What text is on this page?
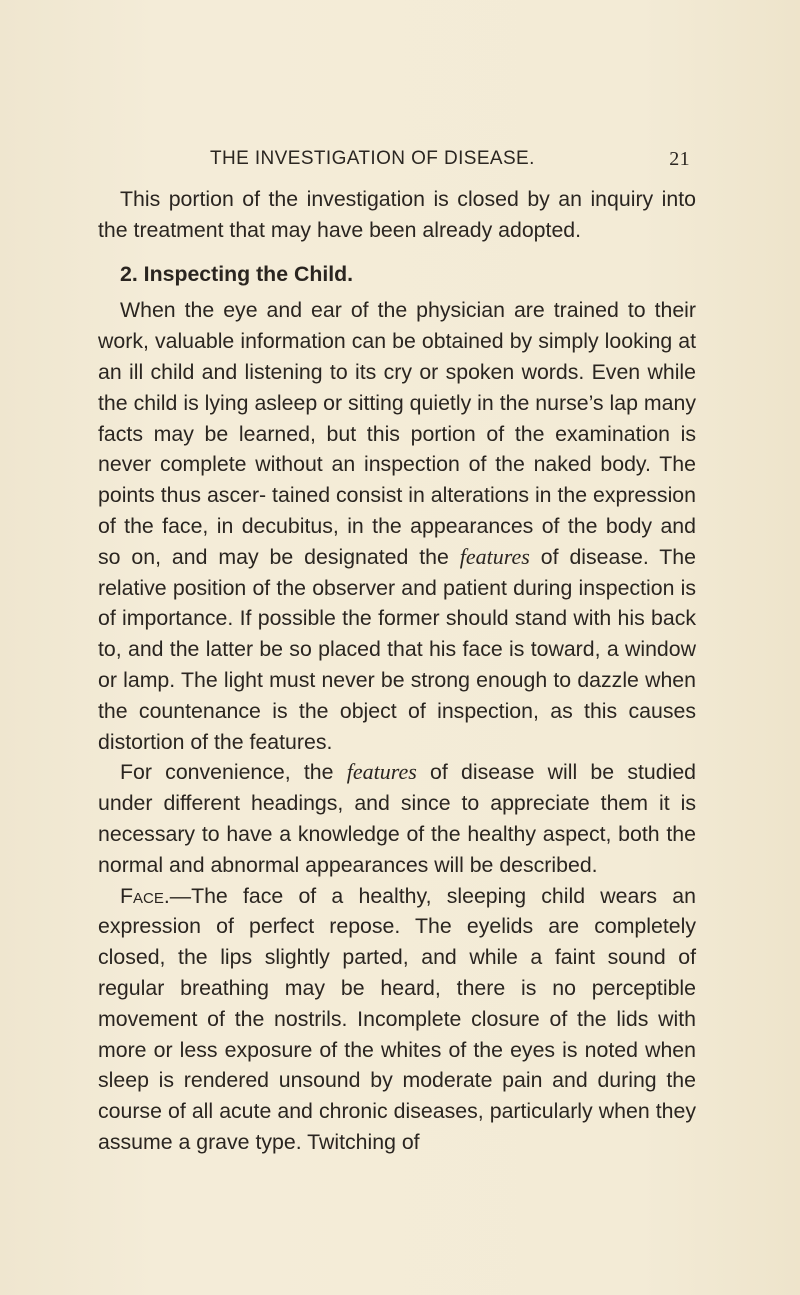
THE INVESTIGATION OF DISEASE.	21

This portion of the investigation is closed by an inquiry into the treatment that may have been already adopted.

2. Inspecting the Child.

When the eye and ear of the physician are trained to their work, valuable information can be obtained by simply looking at an ill child and listening to its cry or spoken words. Even while the child is lying asleep or sitting quietly in the nurse’s lap many facts may be learned, but this portion of the examination is never complete without an inspection of the naked body. The points thus ascer- tained consist in alterations in the expression of the face, in decubitus, in the appearances of the body and so on, and may be designated the features of disease. The relative position of the observer and patient during inspection is of importance. If possible the former should stand with his back to, and the latter be so placed that his face is toward, a window or lamp. The light must never be strong enough to dazzle when the countenance is the object of inspection, as this causes distortion of the features.

For convenience, the features of disease will be studied under different headings, and since to appreciate them it is necessary to have a knowledge of the healthy aspect, both the normal and abnormal appearances will be described.

Face.—The face of a healthy, sleeping child wears an expression of perfect repose. The eyelids are completely closed, the lips slightly parted, and while a faint sound of regular breathing may be heard, there is no perceptible movement of the nostrils. Incomplete closure of the lids with more or less exposure of the whites of the eyes is noted when sleep is rendered unsound by moderate pain and during the course of all acute and chronic diseases, particularly when they assume a grave type. Twitching of
